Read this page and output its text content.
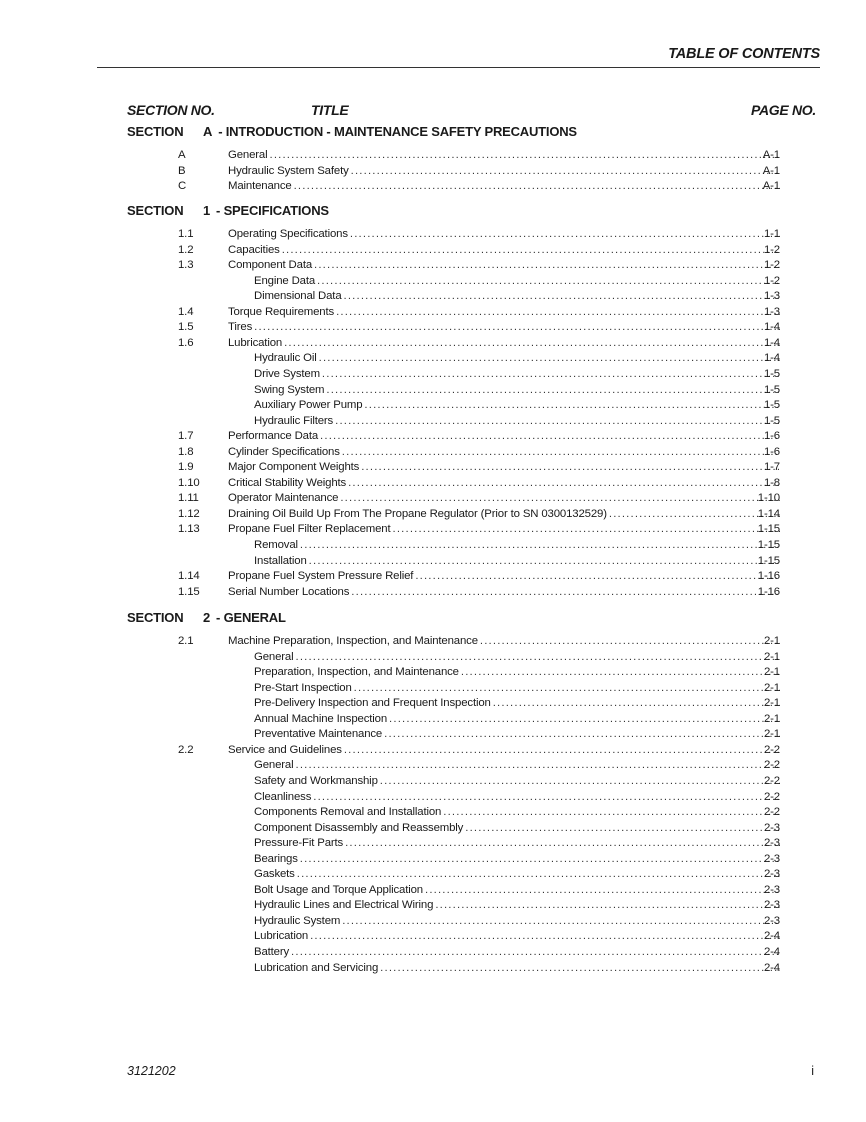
TABLE OF CONTENTS
SECTION NO.	TITLE	PAGE NO.
SECTION A - INTRODUCTION - MAINTENANCE SAFETY PRECAUTIONS
A	General . . .	A-1
B	Hydraulic System Safety . . .	A-1
C	Maintenance . . .	A-1
SECTION 1 - SPECIFICATIONS
1.1	Operating Specifications . . .	1-1
1.2	Capacities . . .	1-2
1.3	Component Data . . .	1-2
Engine Data . . .	1-2
Dimensional Data . . .	1-3
1.4	Torque Requirements . . .	1-3
1.5	Tires . . .	1-4
1.6	Lubrication . . .	1-4
Hydraulic Oil . . .	1-4
Drive System . . .	1-5
Swing System . . .	1-5
Auxiliary Power Pump . . .	1-5
Hydraulic Filters . . .	1-5
1.7	Performance Data . . .	1-6
1.8	Cylinder Specifications . . .	1-6
1.9	Major Component Weights . . .	1-7
1.10 Critical Stability Weights . . .	1-8
1.11	Operator Maintenance . . .	1-10
1.12 Draining Oil Build Up From The Propane Regulator (Prior to SN 0300132529) . . .	1-14
1.13 Propane Fuel Filter Replacement . . .	1-15
Removal . . .	1-15
Installation . . .	1-15
1.14 Propane Fuel System Pressure Relief . . .	1-16
1.15 Serial Number Locations . . .	1-16
SECTION 2 - GENERAL
2.1	Machine Preparation, Inspection, and Maintenance . . .	2-1
General . . .	2-1
Preparation, Inspection, and Maintenance . . .	2-1
Pre-Start Inspection . . .	2-1
Pre-Delivery Inspection and Frequent Inspection . . .	2-1
Annual Machine Inspection . . .	2-1
Preventative Maintenance . . .	2-1
2.2	Service and Guidelines . . .	2-2
General . . .	2-2
Safety and Workmanship . . .	2-2
Cleanliness . . .	2-2
Components Removal and Installation . . .	2-2
Component Disassembly and Reassembly . . .	2-3
Pressure-Fit Parts . . .	2-3
Bearings . . .	2-3
Gaskets . . .	2-3
Bolt Usage and Torque Application . . .	2-3
Hydraulic Lines and Electrical Wiring . . .	2-3
Hydraulic System . . .	2-3
Lubrication . . .	2-4
Battery . . .	2-4
Lubrication and Servicing . . .	2-4
3121202	i
